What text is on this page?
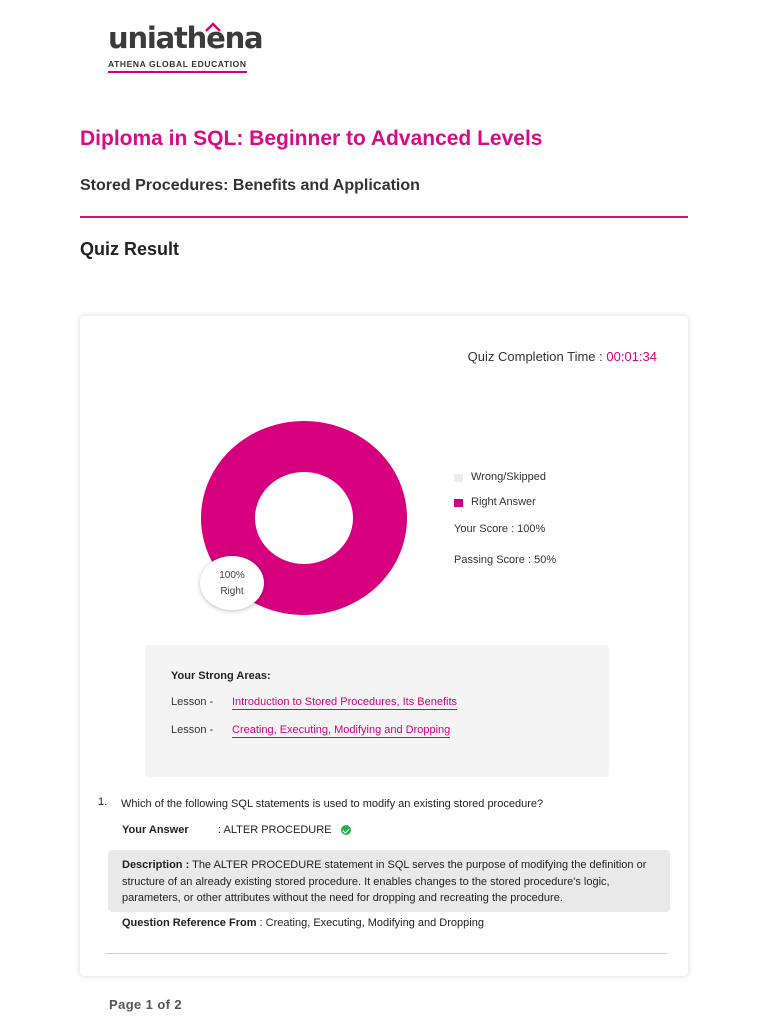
uniathena
ATHENA GLOBAL EDUCATION
Diploma in SQL: Beginner to Advanced Levels
Stored Procedures: Benefits and Application
Quiz Result
Quiz Completion Time : 00:01:34
100%
Right
Wrong/Skipped
Right Answer
Your Score : 100%
Passing Score : 50%
Your Strong Areas:
Lesson - Introduction to Stored Procedures, Its Benefits
Lesson - Creating, Executing, Modifying and Dropping
1. Which of the following SQL statements is used to modify an existing stored procedure?
Your Answer	: ALTER PROCEDURE
Description : The ALTER PROCEDURE statement in SQL serves the purpose of modifying the definition or structure of an already existing stored procedure. It enables changes to the stored procedure's logic, parameters, or other attributes without the need for dropping and recreating the procedure.
Question Reference From : Creating, Executing, Modifying and Dropping
Page 1 of 2
